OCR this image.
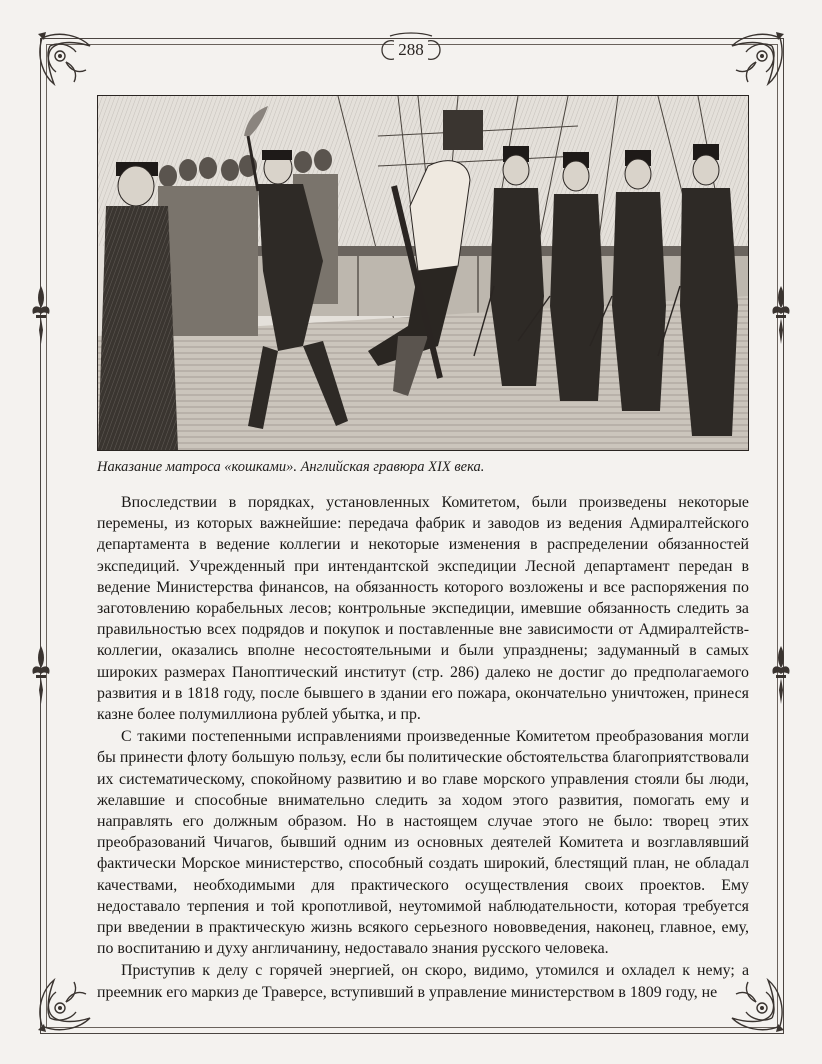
288
Наказание матроса «кошками». Английская гравюра XIX века.

Впоследствии в порядках, установленных Комитетом, были произведены некоторые перемены, из которых важнейшие: передача фабрик и заводов из ведения Адмиралтейского департамента в ведение коллегии и некоторые изменения в распределении обязанностей экспедиций. Учрежденный при интендантской экспедиции Лесной департамент передан в ведение Министерства финансов, на обязанность которого возложены и все распоряжения по заготовлению корабельных лесов; контрольные экспедиции, имевшие обязанность следить за правильностью всех подрядов и покупок и поставленные вне зависимости от Адмиралтейств-коллегии, оказались вполне несостоятельными и были упразднены; задуманный в самых широких размерах Паноптический институт (стр. 286) далеко не достиг до предполагаемого развития и в 1818 году, после бывшего в здании его пожара, окончательно уничтожен, принеся казне более полумиллиона рублей убытка, и пр.

С такими постепенными исправлениями произведенные Комитетом преобразования могли бы принести флоту большую пользу, если бы политические обстоятельства благоприятствовали их систематическому, спокойному развитию и во главе морского управления стояли бы люди, желавшие и способные внимательно следить за ходом этого развития, помогать ему и направлять его должным образом. Но в настоящем случае этого не было: творец этих преобразований Чичагов, бывший одним из основных деятелей Комитета и возглавлявший фактически Морское министерство, способный создать широкий, блестящий план, не обладал качествами, необходимыми для практического осуществления своих проектов. Ему недоставало терпения и той кропотливой, неутомимой наблюдательности, которая требуется при введении в практическую жизнь всякого серьезного нововведения, наконец, главное, ему, по воспитанию и духу англичанину, недоставало знания русского человека.

Приступив к делу с горячей энергией, он скоро, видимо, утомился и охладел к нему; а преемник его маркиз де Траверсе, вступивший в управление министерством в 1809 году, не
